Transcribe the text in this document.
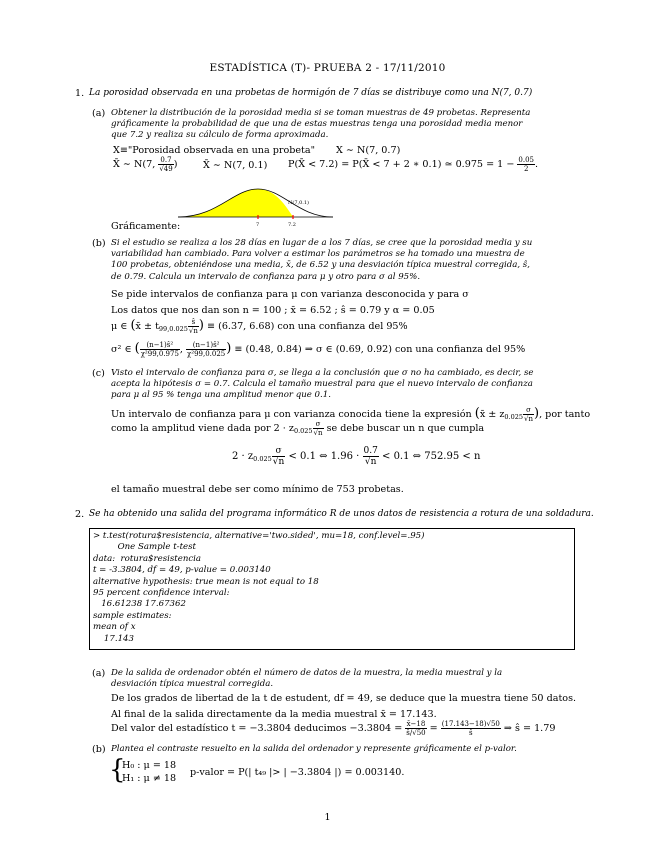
ESTADÍSTICA (T)- PRUEBA 2 - 17/11/2010
1. La porosidad observada en una probetas de hormigón de 7 días se distribuye como una N(7, 0.7)
(a) Obtener la distribución de la porosidad media si se toman muestras de 49 probetas. Representa gráficamente la probabilidad de que una de estas muestras tenga una porosidad media menor que 7.2 y realiza su cálculo de forma aproximada.
X≡"Porosidad observada en una probeta" X ∼ N(7, 0.7)
X̄ ∼ N(7, $\frac{0.7}{√49}$ )	X̄ ∼ N(7, 0.1) P(X̄ < 7.2) = P(X̄ < 7 + 2 ∗ 0.1) ≃ $0.975 = 1 - \frac{0.05}{2}$ .
Gráficamente:
N(7,0.1)
7	7.2
(b) Si el estudio se realiza a los 28 días en lugar de a los 7 días, se cree que la porosidad media y su variabilidad han cambiado. Para volver a estimar los parámetros se ha tomado una muestra de 100 probetas, obteniéndose una media, x̄, de 6.52 y una desviación típica muestral corregida, ŝ, de 0.79. Calcula un intervalo de confianza para μ y otro para σ al 95%.
Se pide intervalos de confianza para μ con varianza desconocida y para σ
Los datos que nos dan son n = 100 ; x̄ = 6.52 ; ŝ = 0.79 y α = 0.05
μ ∈ (x̄ ± $t_{99,0.025} \frac{ŝ}{√n}$ ) ≡ (6.37, 6.68) con una confianza del 95%
σ² ∈ ( $\frac{\text{(n−1)ŝ²}}{\text{χ²99,0.975}}$ , $\frac{\text{(n−1)ŝ²}}{\text{χ²99,0.025}}$ ) ≡ (0.48, 0.84) ⇒ σ ∈ (0.69, 0.92) con una confianza del 95%
(c) Visto el intervalo de confianza para σ, se llega a la conclusión que σ no ha cambiado, es decir, se acepta la hipótesis σ = 0.7. Calcula el tamaño muestral para que el nuevo intervalo de confianza para μ al 95 % tenga una amplitud menor que 0.1.
Un intervalo de confianza para μ con varianza conocida tiene la expresión (x̄ ± $z_{0.025} \frac{\sigma}{√n}$ ), por tanto
como la amplitud viene dada por $2 \cdot z_{0.025} \frac{\sigma}{√n}$ se debe buscar un n que cumpla
$2 \cdot z_{0.025} \frac{\sigma}{√n} < 0.1$ ⇔ $1.96 \cdot \frac{0.7}{√n} < 0.1$ ⇔ 752.95 < n
el tamaño muestral debe ser como mínimo de 753 probetas.
2. Se ha obtenido una salida del programa informático R de unos datos de resistencia a rotura de una soldadura.
> t.test(rotura$resistencia, alternative='two.sided', mu=18, conf.level=.95)
One Sample t-test
data:  rotura$resistencia
t = -3.3804, df = 49, p-value = 0.003140
alternative hypothesis: true mean is not equal to 18
95 percent confidence interval:
16.61238 17.67362
sample estimates:
mean of x
17.143
(a) De la salida de ordenador obtén el número de datos de la muestra, la media muestral y la desviación típica muestral corregida.
De los grados de libertad de la t de estudent, df = 49, se deduce que la muestra tiene 50 datos.
Al final de la salida directamente da la media muestral x̄ = 17.143.
Del valor del estadístico t = −3.3804 deducimos $-3.3804 = \frac{x̄-18}{ŝ/√50} = \frac{(17.143-18)√50}{ŝ}$ ⇒ ŝ = 1.79
(b) Plantea el contraste resuelto en la salida del ordenador y represente gráficamente el p-valor.
{
H₀ : μ = 18
H₁ : μ ≠ 18
p-valor = P(| t₄₉ |> | −3.3804 |) = 0.003140.
1
